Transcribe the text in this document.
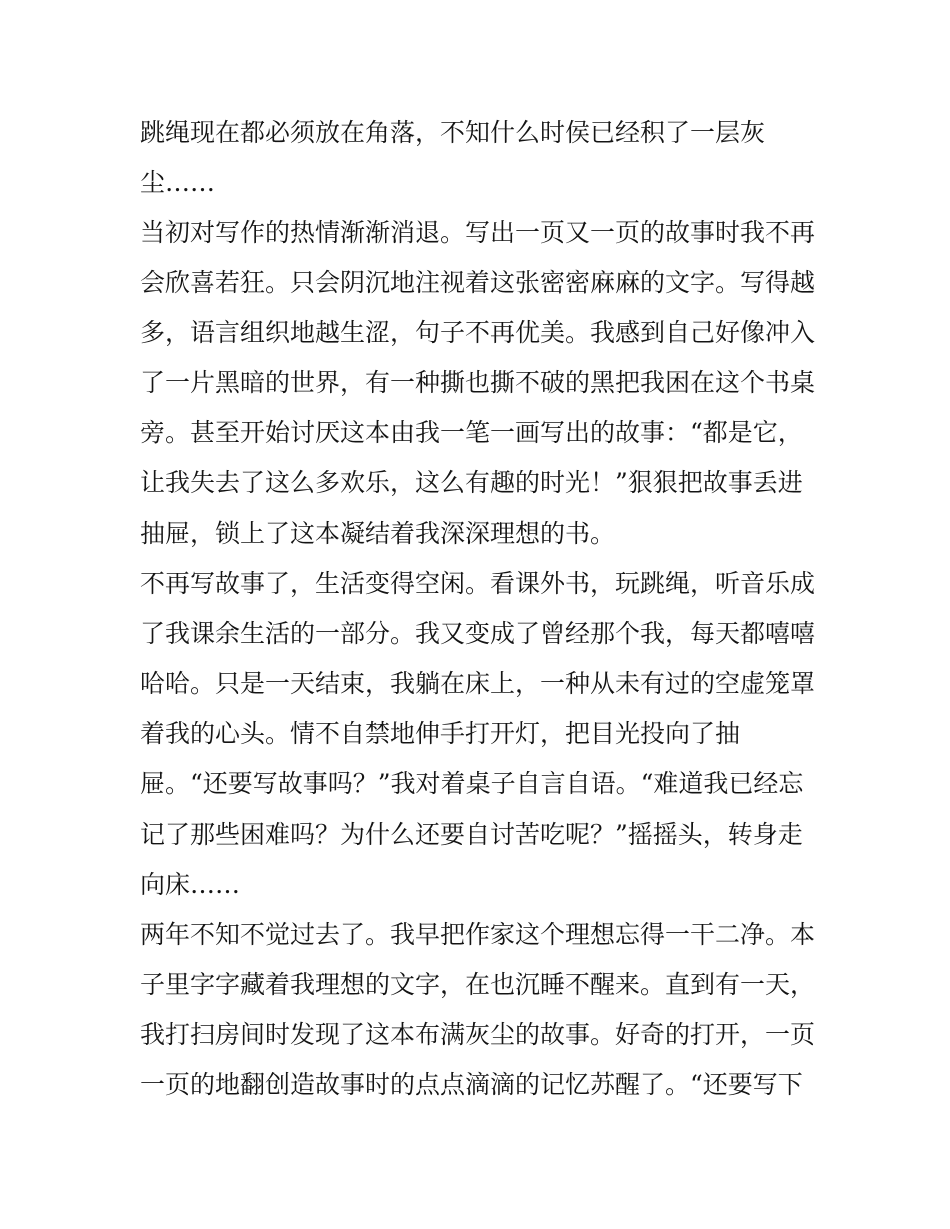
跳绳现在都必须放在角落，不知什么时侯已经积了一层灰
尘……
当初对写作的热情渐渐消退。写出一页又一页的故事时我不再
会欣喜若狂。只会阴沉地注视着这张密密麻麻的文字。写得越
多，语言组织地越生涩，句子不再优美。我感到自己好像冲入
了一片黑暗的世界，有一种撕也撕不破的黑把我困在这个书桌
旁。甚至开始讨厌这本由我一笔一画写出的故事：“都是它，
让我失去了这么多欢乐，这么有趣的时光！”狠狠把故事丢进
抽屉，锁上了这本凝结着我深深理想的书。
不再写故事了，生活变得空闲。看课外书，玩跳绳，听音乐成
了我课余生活的一部分。我又变成了曾经那个我，每天都嘻嘻
哈哈。只是一天结束，我躺在床上，一种从未有过的空虚笼罩
着我的心头。情不自禁地伸手打开灯，把目光投向了抽
屉。“还要写故事吗？”我对着桌子自言自语。“难道我已经忘
记了那些困难吗？为什么还要自讨苦吃呢？”摇摇头，转身走
向床……
两年不知不觉过去了。我早把作家这个理想忘得一干二净。本
子里字字藏着我理想的文字，在也沉睡不醒来。直到有一天，
我打扫房间时发现了这本布满灰尘的故事。好奇的打开，一页
一页的地翻创造故事时的点点滴滴的记忆苏醒了。“还要写下
